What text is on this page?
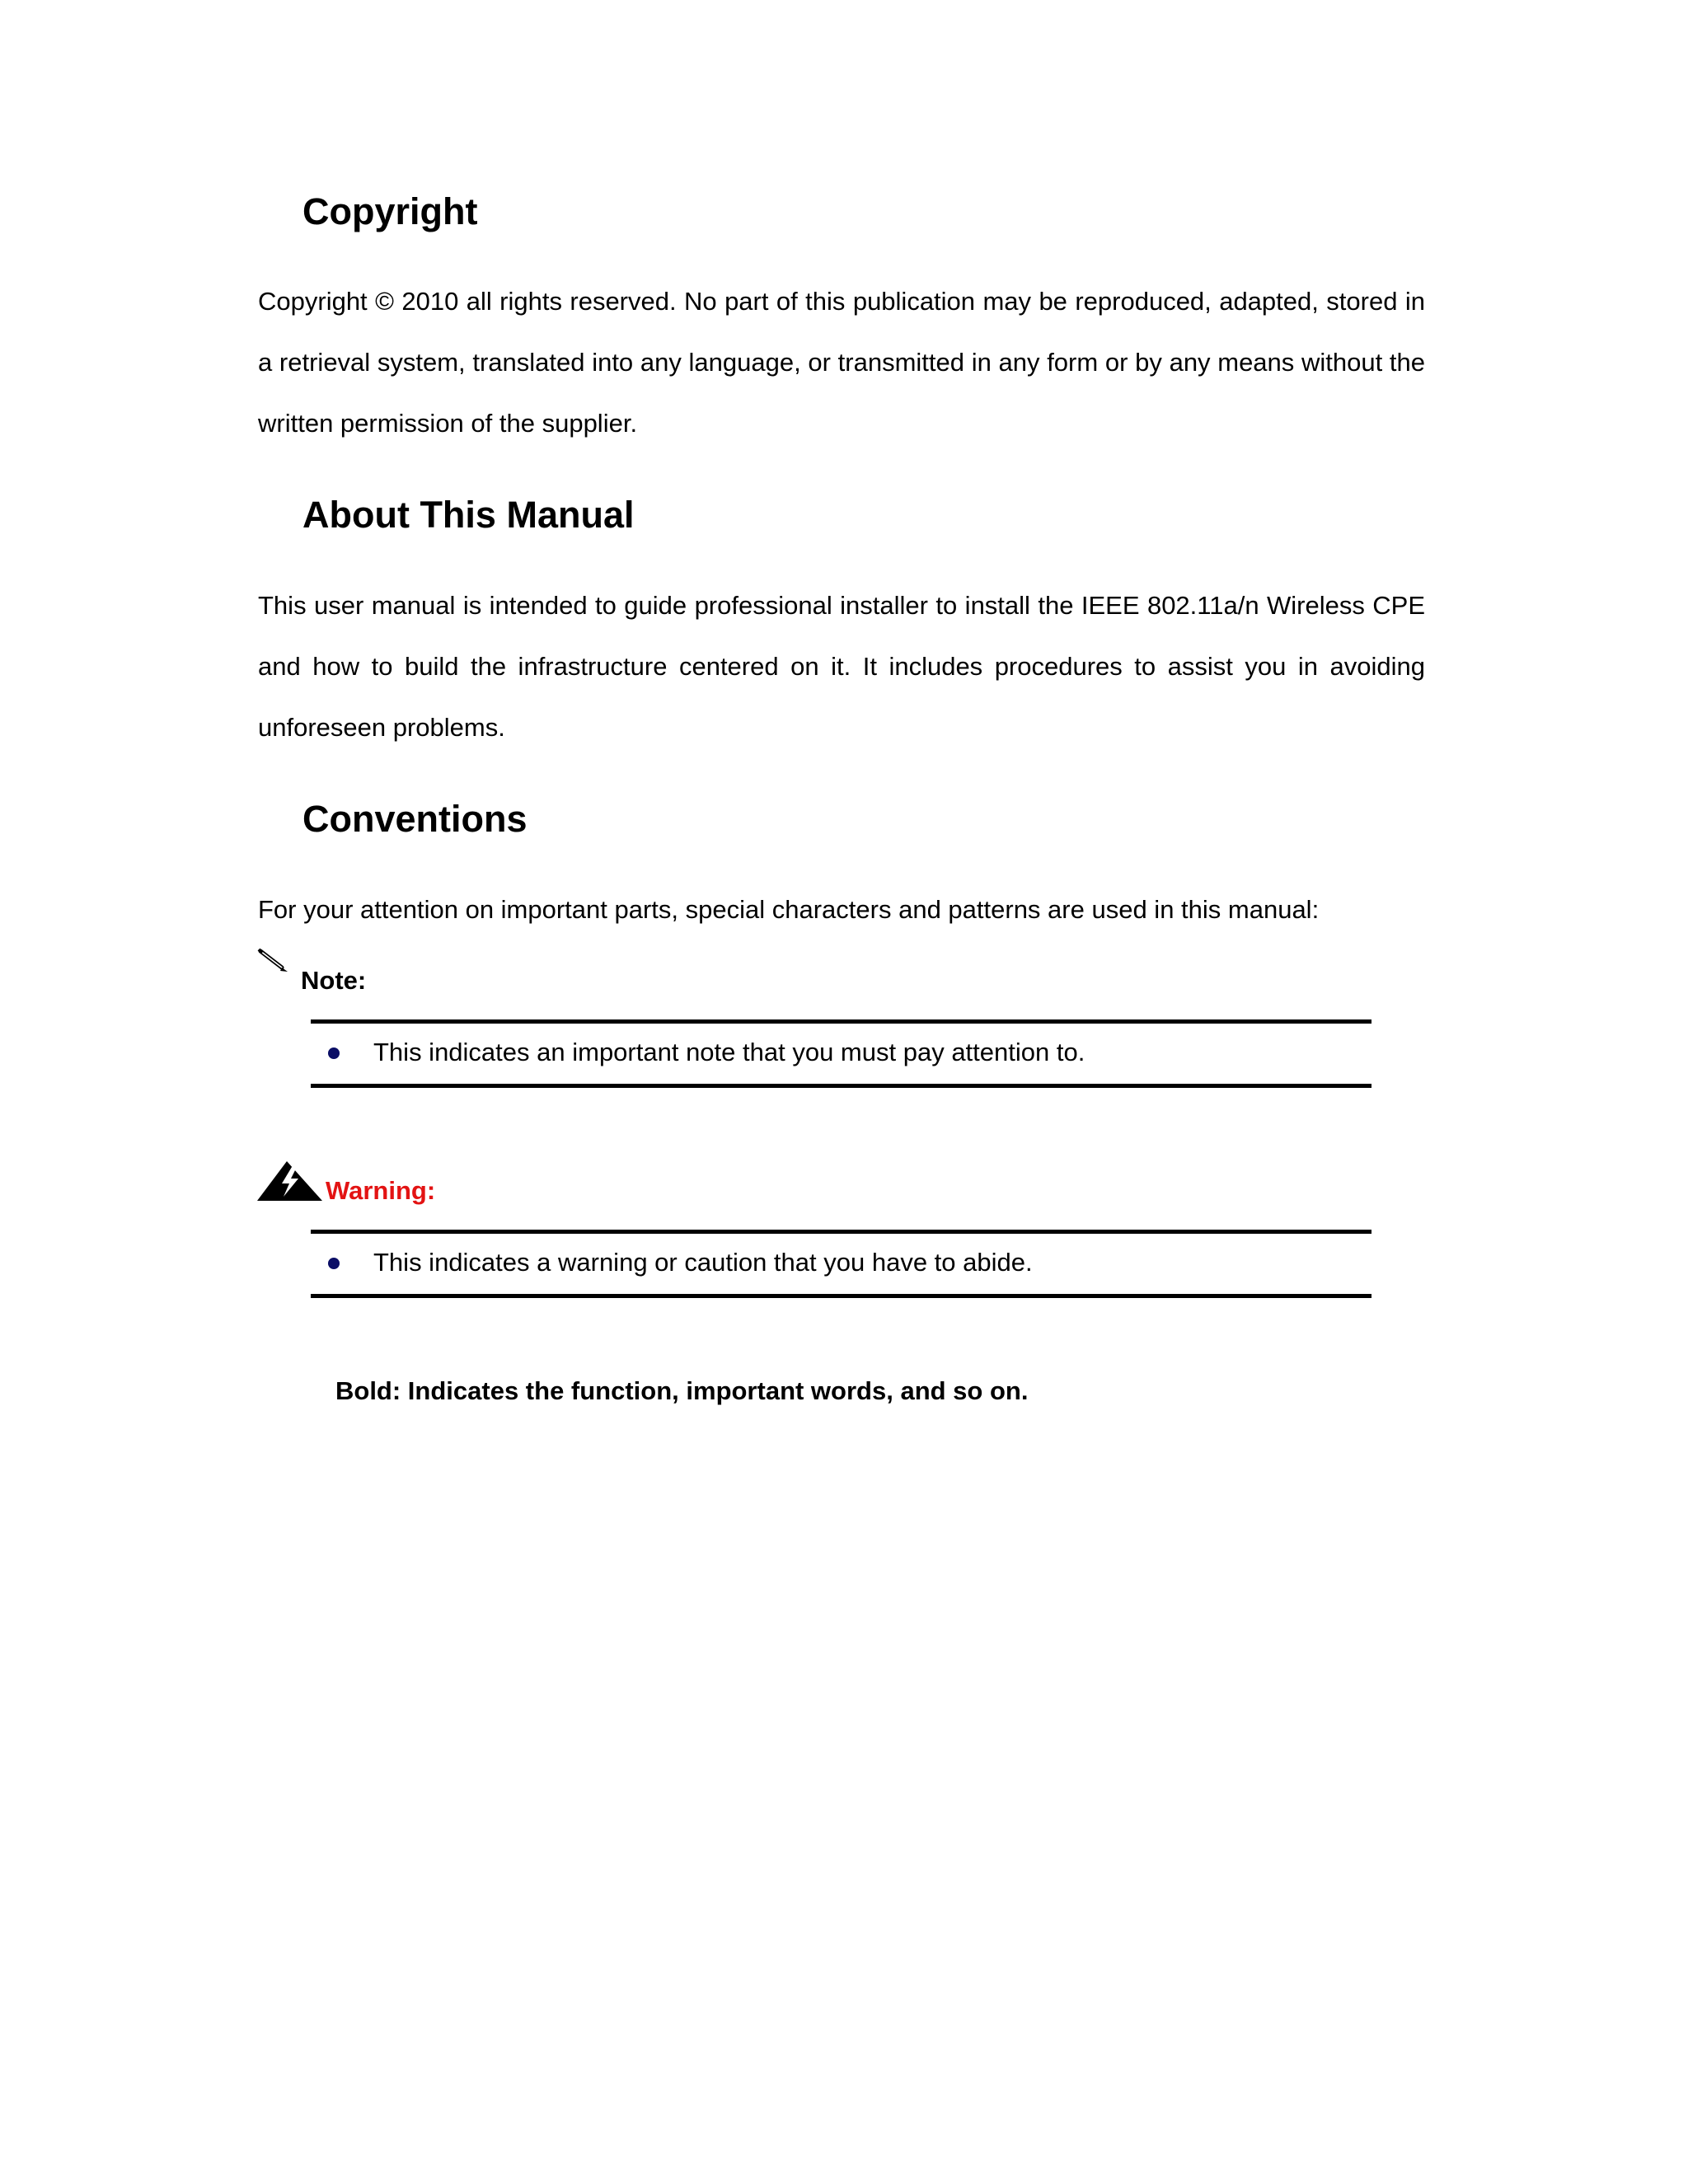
Copyright

Copyright © 2010 all rights reserved. No part of this publication may be reproduced, adapted, stored in a retrieval system, translated into any language, or transmitted in any form or by any means without the written permission of the supplier.

About This Manual

This user manual is intended to guide professional installer to install the IEEE 802.11a/n Wireless CPE and how to build the infrastructure centered on it. It includes procedures to assist you in avoiding unforeseen problems.

Conventions

For your attention on important parts, special characters and patterns are used in this manual:

Note:
This indicates an important note that you must pay attention to.
Warning:
This indicates a warning or caution that you have to abide.

Bold: Indicates the function, important words, and so on.
